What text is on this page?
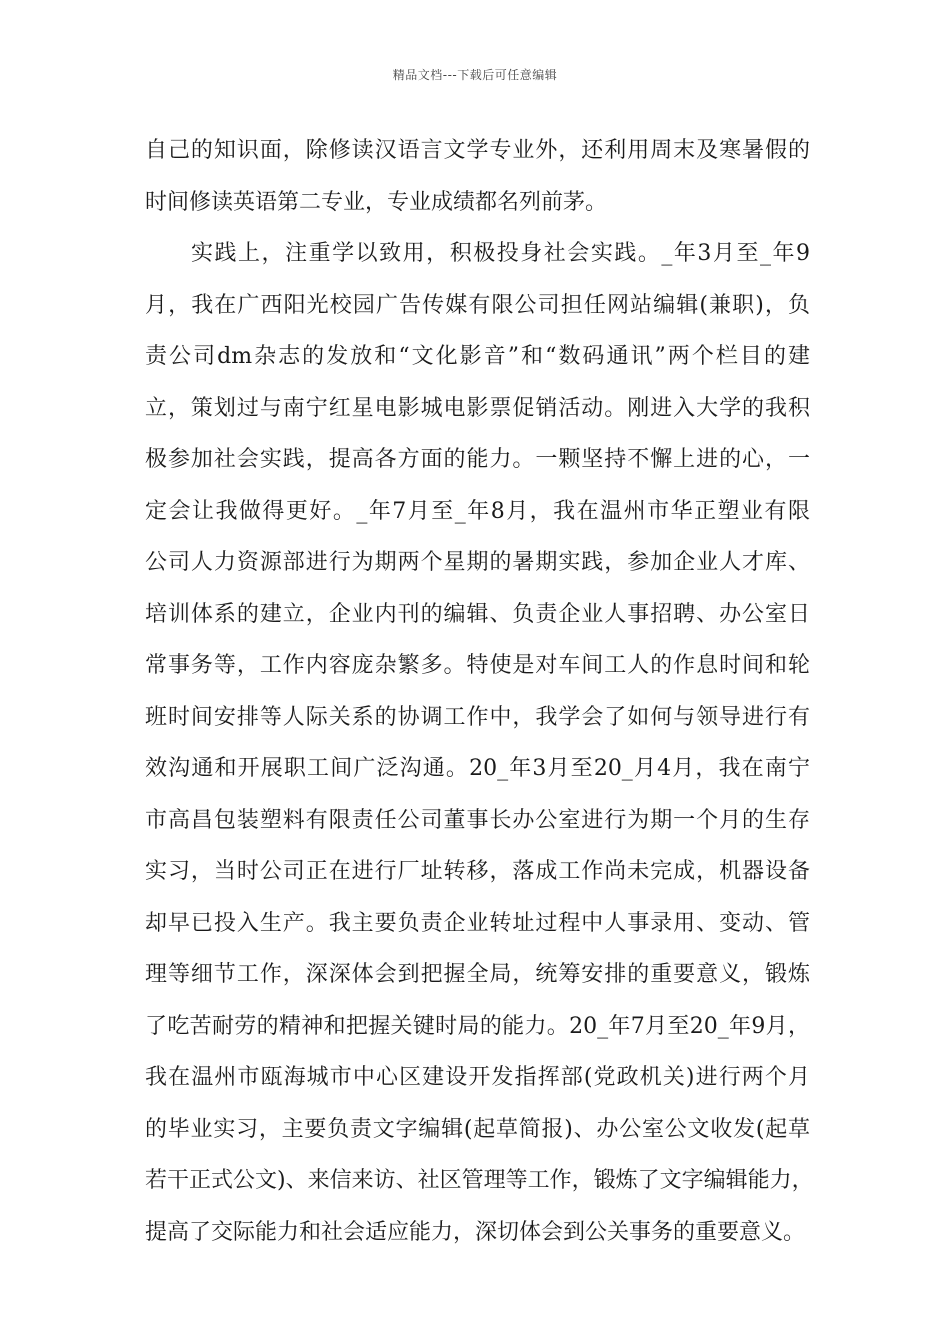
精品文档---下载后可任意编辑
自己的知识面，除修读汉语言文学专业外，还利用周末及寒暑假的
时间修读英语第二专业，专业成绩都名列前茅。
实践上，注重学以致用，积极投身社会实践。_年3月至_年9
月，我在广西阳光校园广告传媒有限公司担任网站编辑(兼职)，负
责公司dm杂志的发放和“文化影音”和“数码通讯”两个栏目的建
立，策划过与南宁红星电影城电影票促销活动。刚进入大学的我积
极参加社会实践，提高各方面的能力。一颗坚持不懈上进的心，一
定会让我做得更好。_年7月至_年8月，我在温州市华正塑业有限
公司人力资源部进行为期两个星期的暑期实践，参加企业人才库、
培训体系的建立，企业内刊的编辑、负责企业人事招聘、办公室日
常事务等，工作内容庞杂繁多。特使是对车间工人的作息时间和轮
班时间安排等人际关系的协调工作中，我学会了如何与领导进行有
效沟通和开展职工间广泛沟通。20_年3月至20_月4月，我在南宁
市高昌包装塑料有限责任公司董事长办公室进行为期一个月的生存
实习，当时公司正在进行厂址转移，落成工作尚未完成，机器设备
却早已投入生产。我主要负责企业转址过程中人事录用、变动、管
理等细节工作，深深体会到把握全局，统筹安排的重要意义，锻炼
了吃苦耐劳的精神和把握关键时局的能力。20_年7月至20_年9月，
我在温州市瓯海城市中心区建设开发指挥部(党政机关)进行两个月
的毕业实习，主要负责文字编辑(起草简报)、办公室公文收发(起草
若干正式公文)、来信来访、社区管理等工作，锻炼了文字编辑能力，
提高了交际能力和社会适应能力，深切体会到公关事务的重要意义。
